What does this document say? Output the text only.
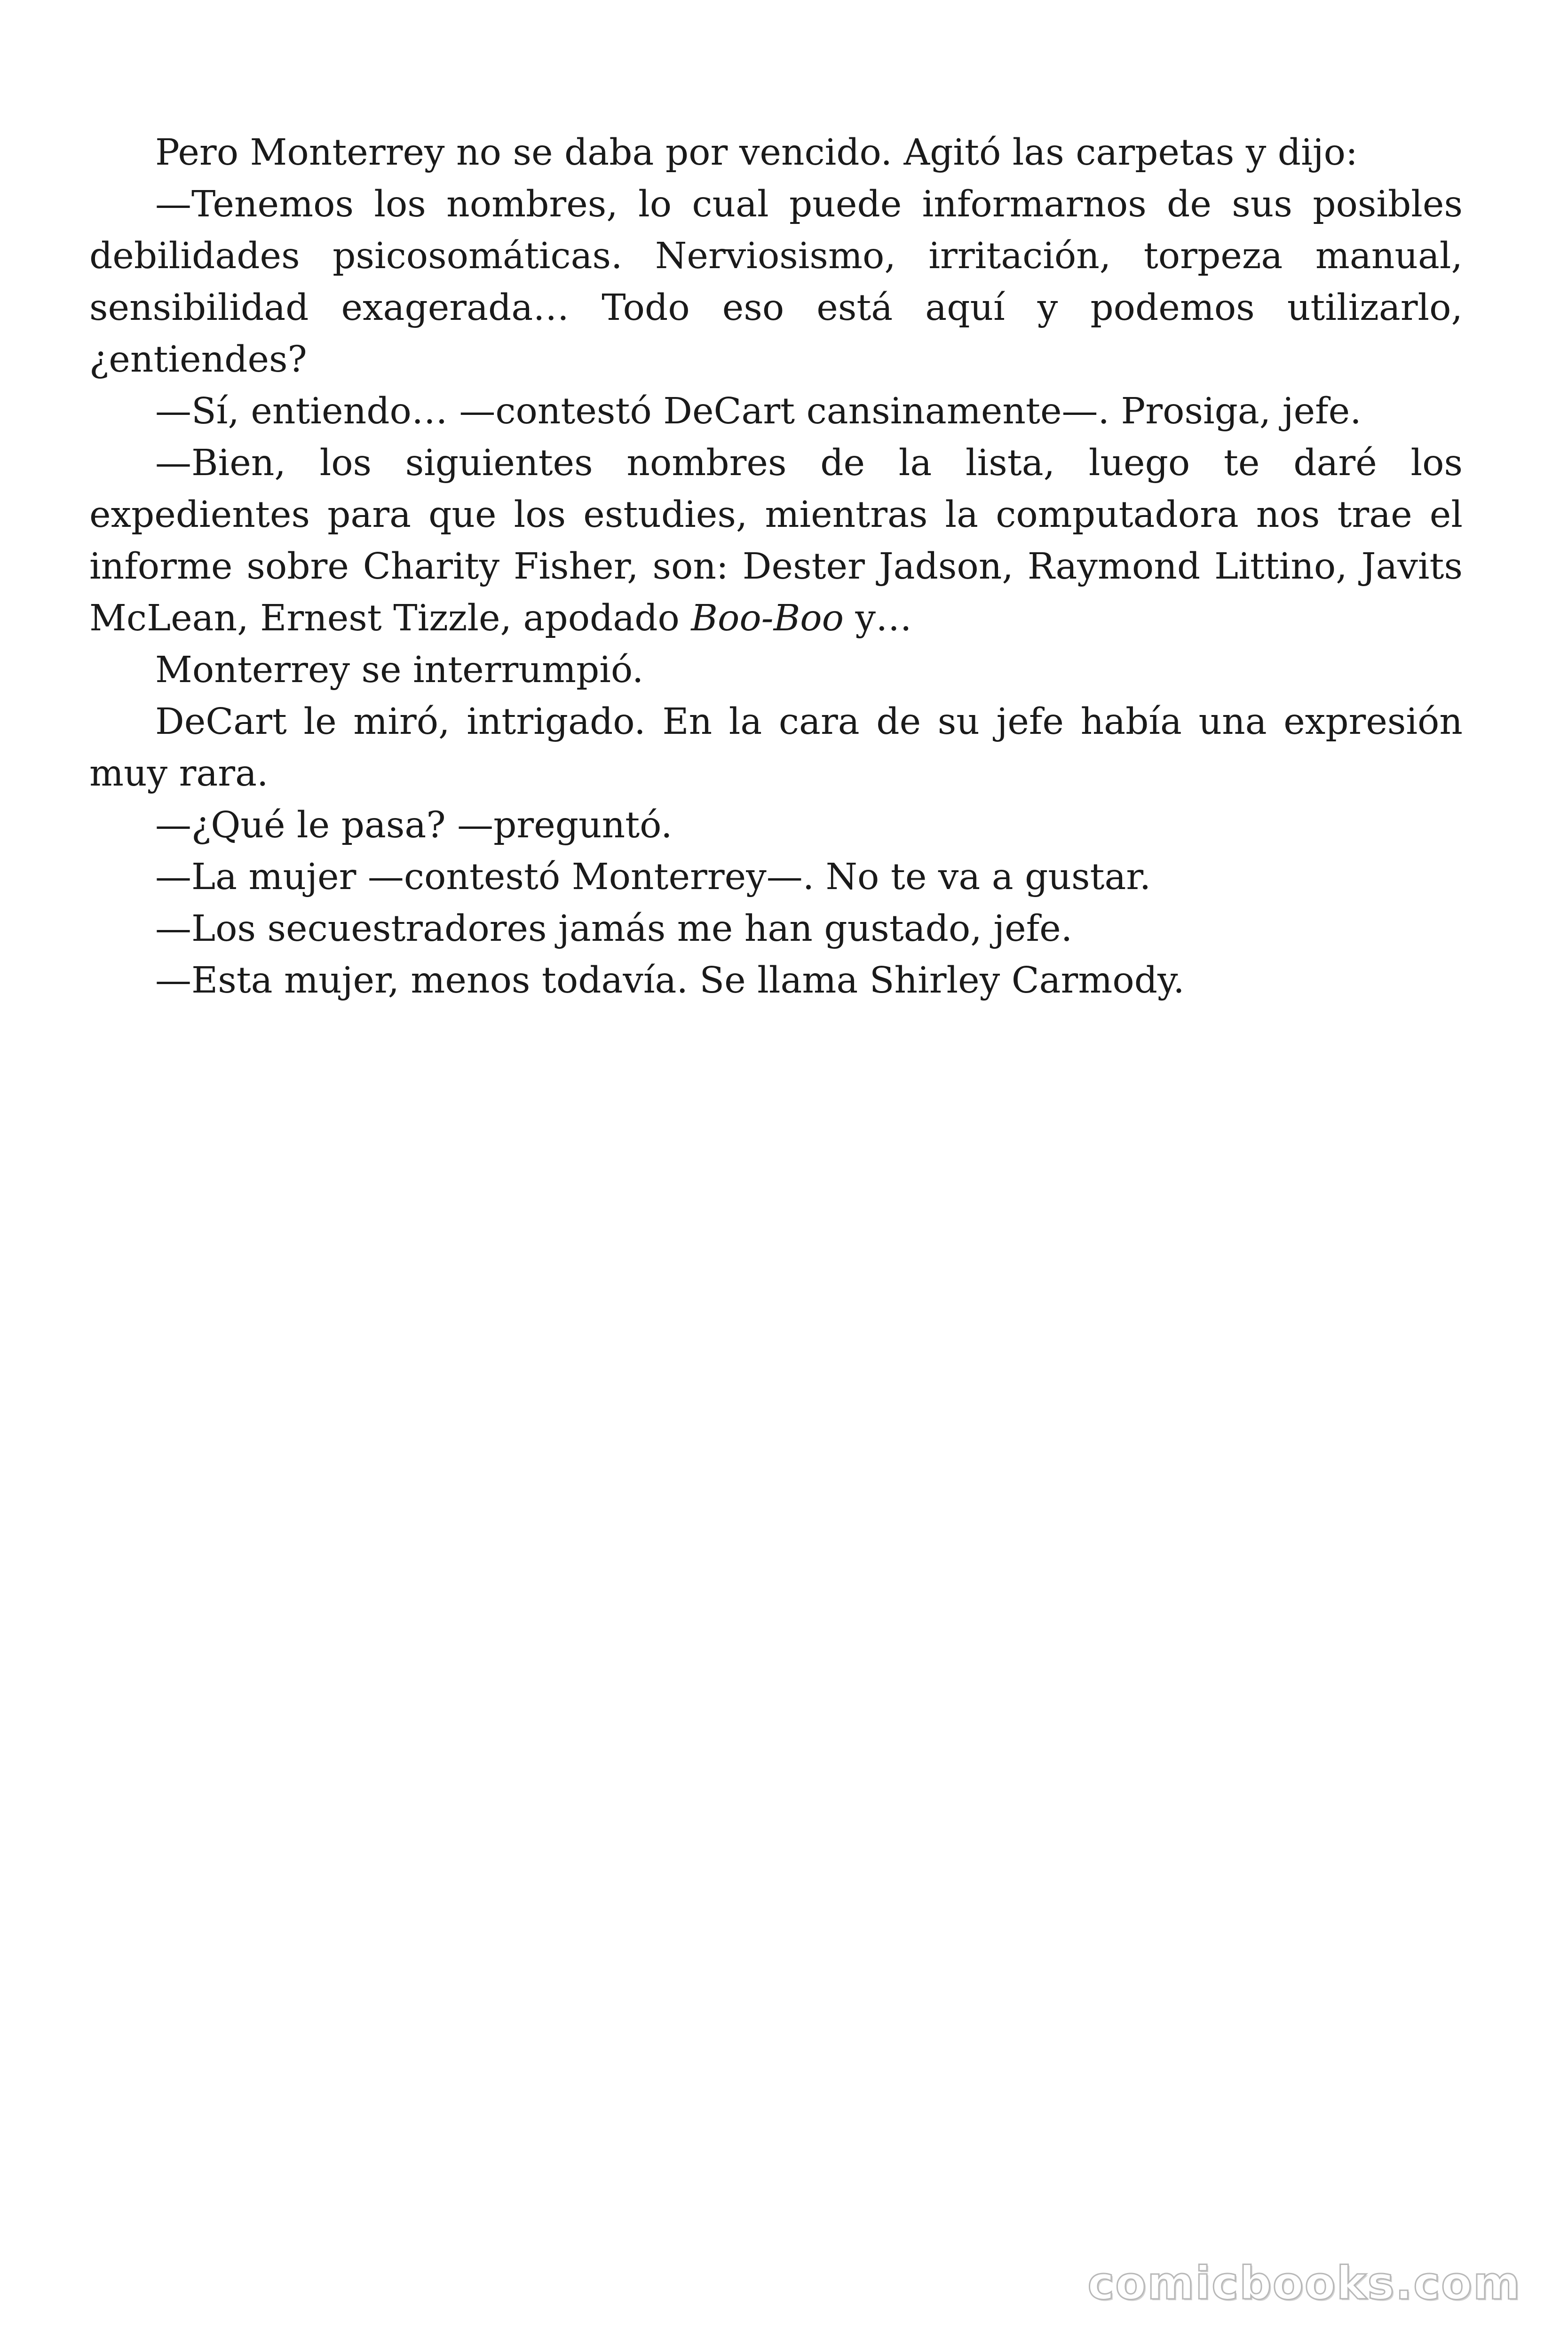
Pero Monterrey no se daba por vencido. Agitó las carpetas y dijo:

—Tenemos los nombres, lo cual puede informarnos de sus posibles debilidades psicosomáticas. Nerviosismo, irritación, torpeza manual, sensibilidad exagerada… Todo eso está aquí y podemos utilizarlo, ¿entiendes?

—Sí, entiendo… —contestó DeCart cansinamente—. Prosiga, jefe.

—Bien, los siguientes nombres de la lista, luego te daré los expedientes para que los estudies, mientras la computadora nos trae el informe sobre Charity Fisher, son: Dester Jadson, Raymond Littino, Javits McLean, Ernest Tizzle, apodado Boo-Boo y…

Monterrey se interrumpió.

DeCart le miró, intrigado. En la cara de su jefe había una expresión muy rara.

—¿Qué le pasa? —preguntó.

—La mujer —contestó Monterrey—. No te va a gustar.

—Los secuestradores jamás me han gustado, jefe.

—Esta mujer, menos todavía. Se llama Shirley Carmody.

comicbooks.com
